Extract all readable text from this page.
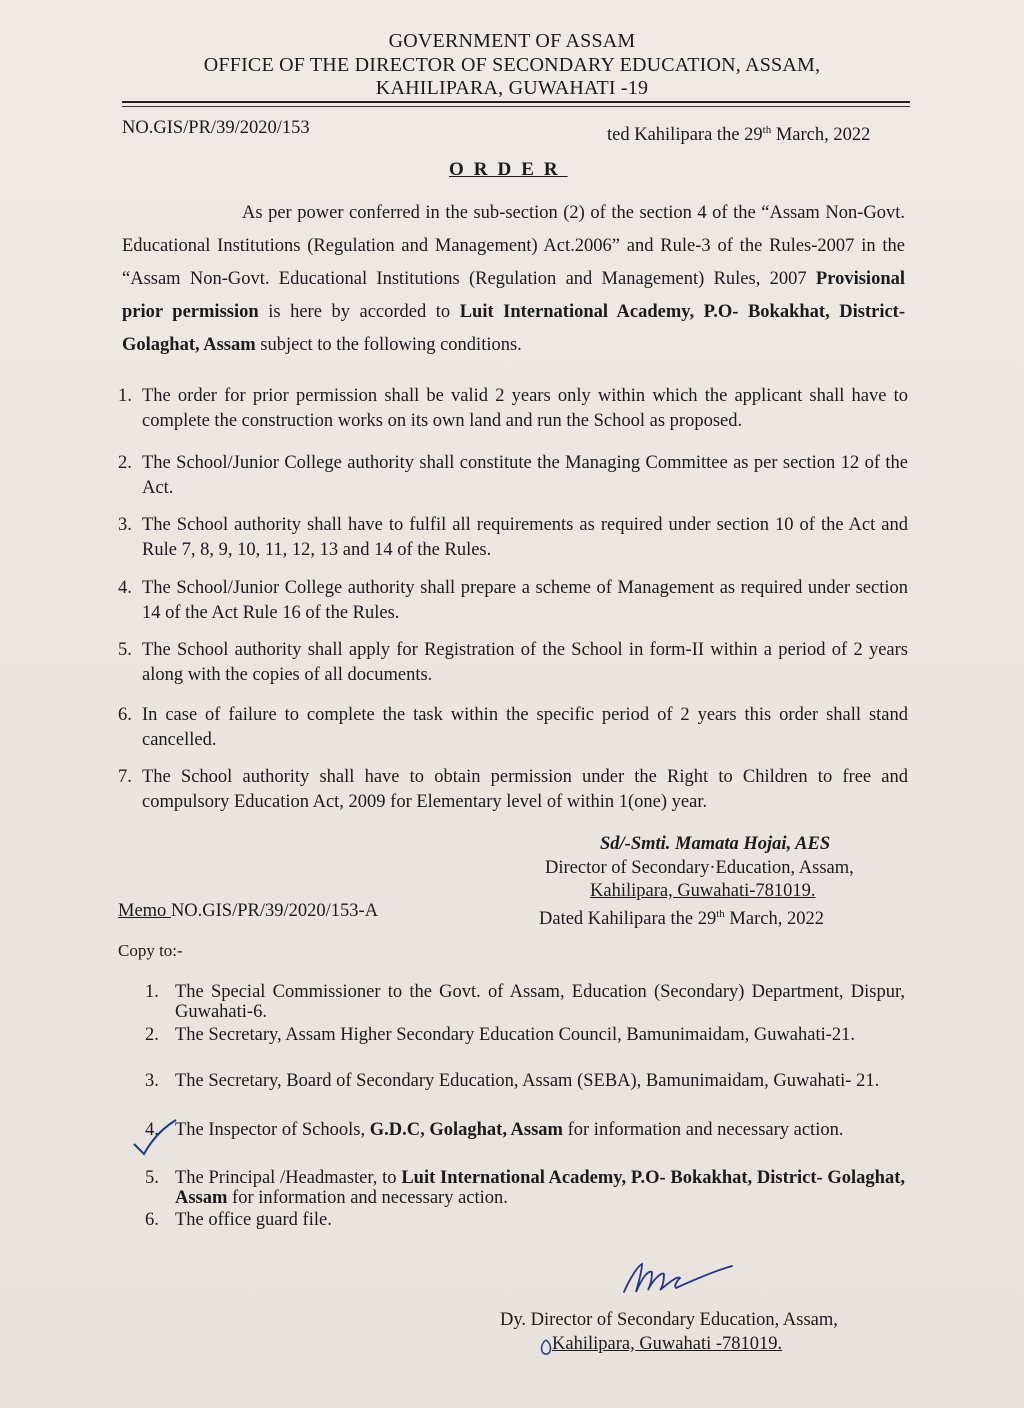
GOVERNMENT OF ASSAM
OFFICE OF THE DIRECTOR OF SECONDARY EDUCATION, ASSAM,
KAHILIPARA, GUWAHATI -19
NO.GIS/PR/39/2020/153	ted Kahilipara the 29th March, 2022
ORDER
As per power conferred in the sub-section (2) of the section 4 of the “Assam Non-Govt. Educational Institutions (Regulation and Management) Act.2006” and Rule-3 of the Rules-2007 in the “Assam Non-Govt. Educational Institutions (Regulation and Management) Rules, 2007 Provisional prior permission is here by accorded to Luit International Academy, P.O- Bokakhat, District- Golaghat, Assam subject to the following conditions.
1. The order for prior permission shall be valid 2 years only within which the applicant shall have to complete the construction works on its own land and run the School as proposed.
2. The School/Junior College authority shall constitute the Managing Committee as per section 12 of the Act.
3. The School authority shall have to fulfil all requirements as required under section 10 of the Act and Rule 7, 8, 9, 10, 11, 12, 13 and 14 of the Rules.
4. The School/Junior College authority shall prepare a scheme of Management as required under section 14 of the Act Rule 16 of the Rules.
5. The School authority shall apply for Registration of the School in form-II within a period of 2 years along with the copies of all documents.
6. In case of failure to complete the task within the specific period of 2 years this order shall stand cancelled.
7. The School authority shall have to obtain permission under the Right to Children to free and compulsory Education Act, 2009 for Elementary level of within 1(one) year.
Sd/-Smti. Mamata Hojai, AES
Director of Secondary·Education, Assam,
Kahilipara, Guwahati-781019.
Memo NO.GIS/PR/39/2020/153-A	Dated Kahilipara the 29th March, 2022
Copy to:-
1. The Special Commissioner to the Govt. of Assam, Education (Secondary) Department, Dispur, Guwahati-6.
2. The Secretary, Assam Higher Secondary Education Council, Bamunimaidam, Guwahati-21.
3. The Secretary, Board of Secondary Education, Assam (SEBA), Bamunimaidam, Guwahati- 21.
4. The Inspector of Schools, G.D.C, Golaghat, Assam for information and necessary action.
5. The Principal /Headmaster, to Luit International Academy, P.O- Bokakhat, District- Golaghat, Assam for information and necessary action.
6. The office guard file.
Dy. Director of Secondary Education, Assam,
Kahilipara, Guwahati -781019.
